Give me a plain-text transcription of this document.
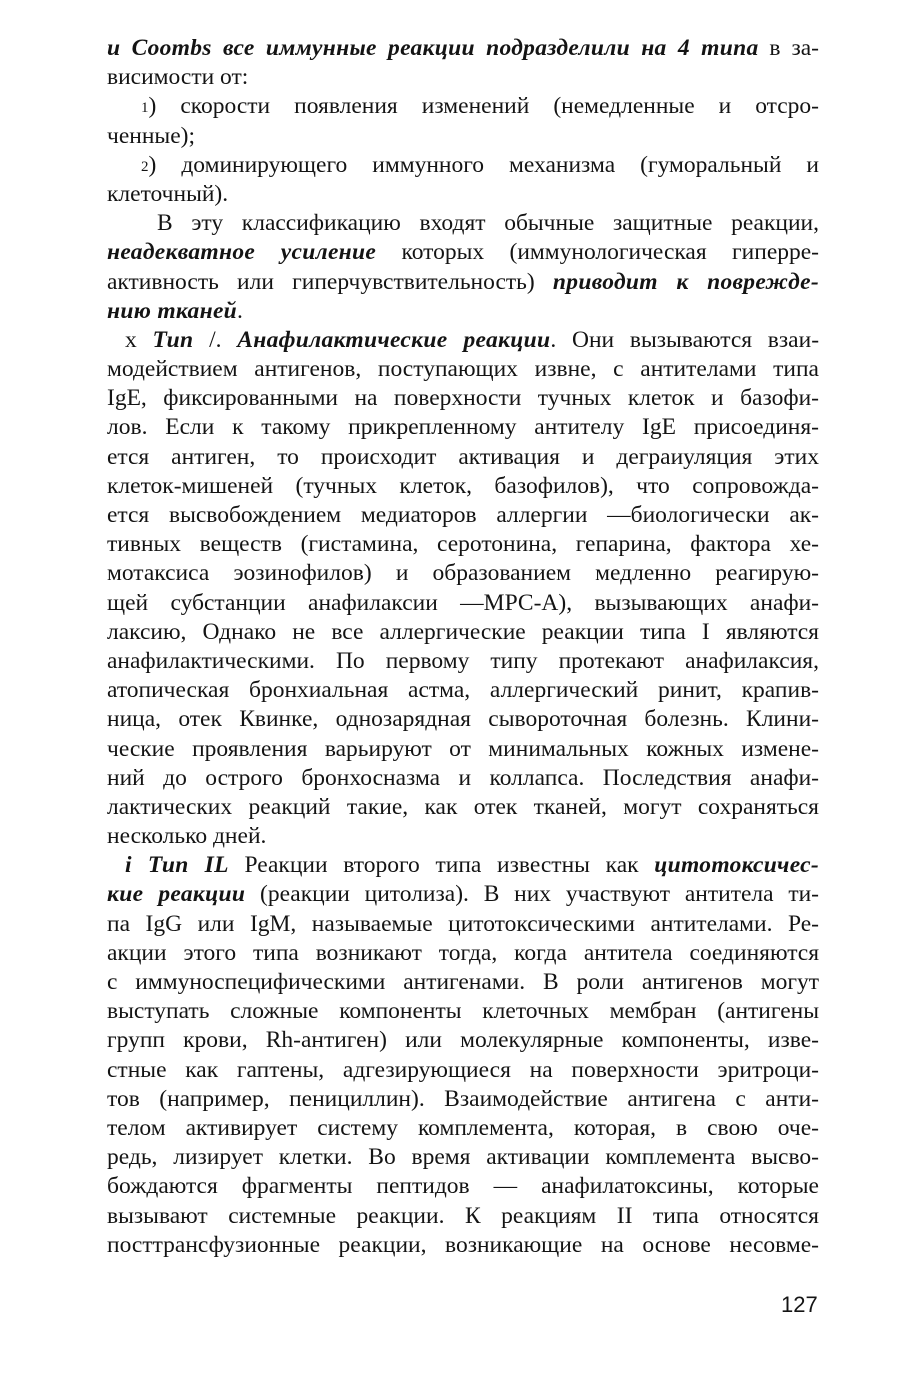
и Coombs все иммунные реакции подразделили на 4 типа в за-
висимости от:
1) скорости появления изменений (немедленные и отсро-
ченные);
2) доминирующего иммунного механизма (гуморальный и
клеточный).
В эту классификацию входят обычные защитные реакции,
неадекватное усиление которых (иммунологическая гиперре-
активность или гиперчувствительность) приводит к поврежде-
нию тканей.
x Тип /. Анафилактические реакции. Они вызываются взаи-
модействием антигенов, поступающих извне, с антителами типа
IgE, фиксированными на поверхности тучных клеток и базофи-
лов. Если к такому прикрепленному антителу IgE присоединя-
ется антиген, то происходит активация и деграиуляция этих
клеток-мишеней (тучных клеток, базофилов), что сопровожда-
ется высвобождением медиаторов аллергии —биологически ак-
тивных веществ (гистамина, серотонина, гепарина, фактора хе-
мотаксиса эозинофилов) и образованием медленно реагирую-
щей субстанции анафилаксии —МРС-А), вызывающих анафи-
лаксию, Однако не все аллергические реакции типа I являются
анафилактическими. По первому типу протекают анафилаксия,
атопическая бронхиальная астма, аллергический ринит, крапив-
ница, отек Квинке, однозарядная сывороточная болезнь. Клини-
ческие проявления варьируют от минимальных кожных измене-
ний до острого бронхосназма и коллапса. Последствия анафи-
лактических реакций такие, как отек тканей, могут сохраняться
несколько дней.
i Тип IL Реакции второго типа известны как цитотоксичес-
кие реакции (реакции цитолиза). В них участвуют антитела ти-
па IgG или IgM, называемые цитотоксическими антителами. Ре-
акции этого типа возникают тогда, когда антитела соединяются
с иммуноспецифическими антигенами. В роли антигенов могут
выступать сложные компоненты клеточных мембран (антигены
групп крови, Rh-антиген) или молекулярные компоненты, изве-
стные как гаптены, адгезирующиеся на поверхности эритроци-
тов (например, пенициллин). Взаимодействие антигена с анти-
телом активирует систему комплемента, которая, в свою оче-
редь, лизирует клетки. Во время активации комплемента высво-
бождаются фрагменты пептидов — анафилатоксины, которые
вызывают системные реакции. К реакциям II типа относятся
посттрансфузионные реакции, возникающие на основе несовме-
127
